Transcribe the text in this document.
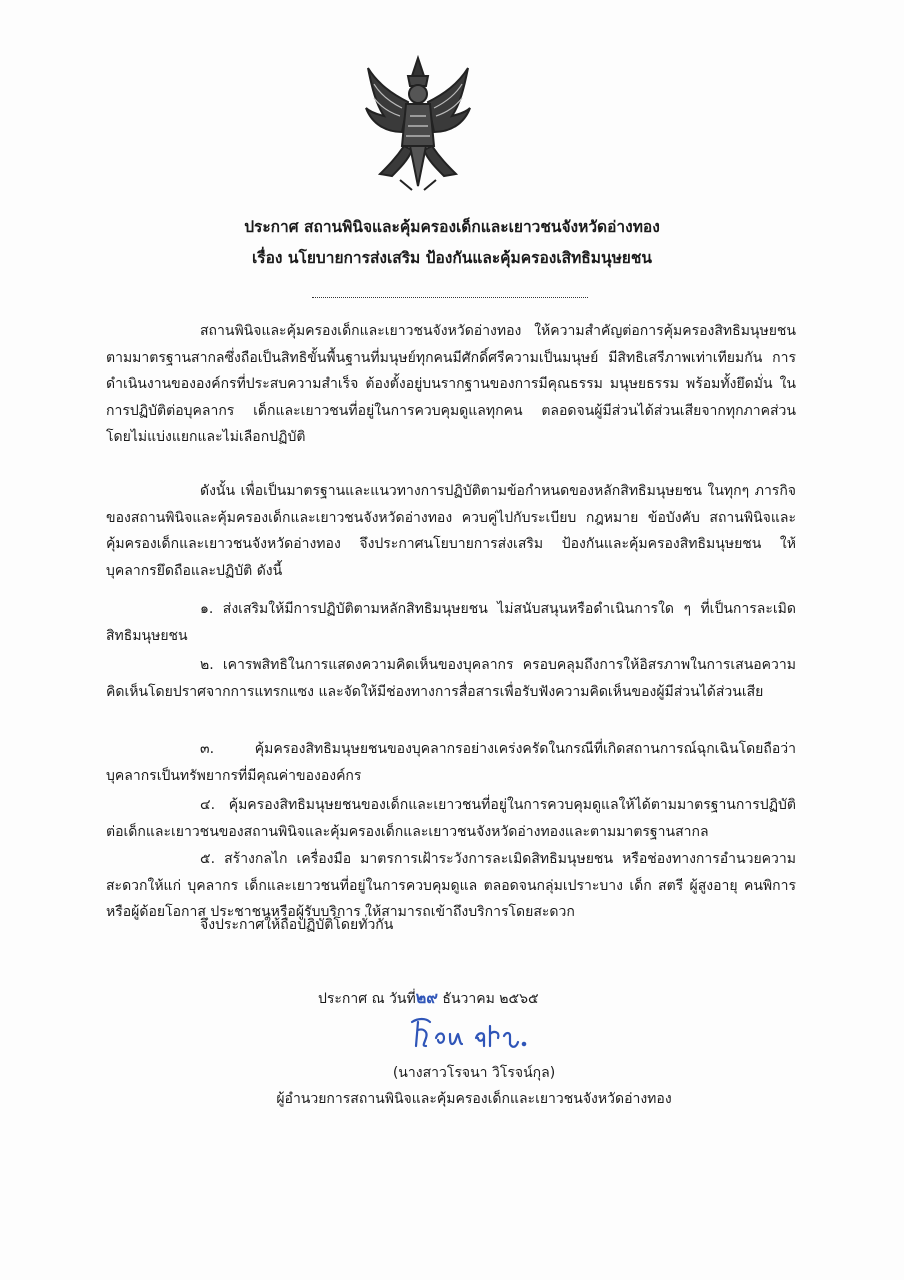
ประกาศ สถานพินิจและคุ้มครองเด็กและเยาวชนจังหวัดอ่างทอง
เรื่อง นโยบายการส่งเสริม ป้องกันและคุ้มครองเสิทธิมนุษยชน

สถานพินิจและคุ้มครองเด็กและเยาวชนจังหวัดอ่างทอง ให้ความสำคัญต่อการคุ้มครองสิทธิมนุษยชน ตามมาตรฐานสากลซึ่งถือเป็นสิทธิขั้นพื้นฐานที่มนุษย์ทุกคนมีศักดิ์ศรีความเป็นมนุษย์ มีสิทธิเสรีภาพเท่าเทียมกัน การดำเนินงานขององค์กรที่ประสบความสำเร็จ ต้องตั้งอยู่บนรากฐานของการมีคุณธรรม มนุษยธรรม พร้อมทั้งยึดมั่น ในการปฏิบัติต่อบุคลากร เด็กและเยาวชนที่อยู่ในการควบคุมดูแลทุกคน ตลอดจนผู้มีส่วนได้ส่วนเสียจากทุกภาคส่วน โดยไม่แบ่งแยกและไม่เลือกปฏิบัติ

ดังนั้น เพื่อเป็นมาตรฐานและแนวทางการปฏิบัติตามข้อกำหนดของหลักสิทธิมนุษยชน ในทุกๆ ภารกิจของสถานพินิจและคุ้มครองเด็กและเยาวชนจังหวัดอ่างทอง ควบคู่ไปกับระเบียบ กฎหมาย ข้อบังคับ สถานพินิจและคุ้มครองเด็กและเยาวชนจังหวัดอ่างทอง จึงประกาศนโยบายการส่งเสริม ป้องกันและคุ้มครองสิทธิมนุษยชน ให้บุคลากรยึดถือและปฏิบัติ ดังนี้

๑. ส่งเสริมให้มีการปฏิบัติตามหลักสิทธิมนุษยชน ไม่สนับสนุนหรือดำเนินการใด ๆ ที่เป็นการละเมิดสิทธิมนุษยชน

๒. เคารพสิทธิในการแสดงความคิดเห็นของบุคลากร ครอบคลุมถึงการให้อิสรภาพในการเสนอความคิดเห็นโดยปราศจากการแทรกแซง และจัดให้มีช่องทางการสื่อสารเพื่อรับฟังความคิดเห็นของผู้มีส่วนได้ส่วนเสีย

๓. คุ้มครองสิทธิมนุษยชนของบุคลากรอย่างเคร่งครัดในกรณีที่เกิดสถานการณ์ฉุกเฉินโดยถือว่าบุคลากรเป็นทรัพยากรที่มีคุณค่าขององค์กร

๔. คุ้มครองสิทธิมนุษยชนของเด็กและเยาวชนที่อยู่ในการควบคุมดูแลให้ได้ตามมาตรฐานการปฏิบัติต่อเด็กและเยาวชนของสถานพินิจและคุ้มครองเด็กและเยาวชนจังหวัดอ่างทองและตามมาตรฐานสากล

๕. สร้างกลไก เครื่องมือ มาตรการเฝ้าระวังการละเมิดสิทธิมนุษยชน หรือช่องทางการอำนวยความสะดวกให้แก่ บุคลากร เด็กและเยาวชนที่อยู่ในการควบคุมดูแล ตลอดจนกลุ่มเปราะบาง เด็ก สตรี ผู้สูงอายุ คนพิการหรือผู้ด้อยโอกาส ประชาชนหรือผู้รับบริการ ให้สามารถเข้าถึงบริการโดยสะดวก

จึงประกาศให้ถือปฏิบัติโดยทั่วกัน
ประกาศ ณ วันที่๒๙ ธันวาคม ๒๕๖๕
(นางสาวโรจนา วิโรจน์กุล)
ผู้อำนวยการสถานพินิจและคุ้มครองเด็กและเยาวชนจังหวัดอ่างทอง
